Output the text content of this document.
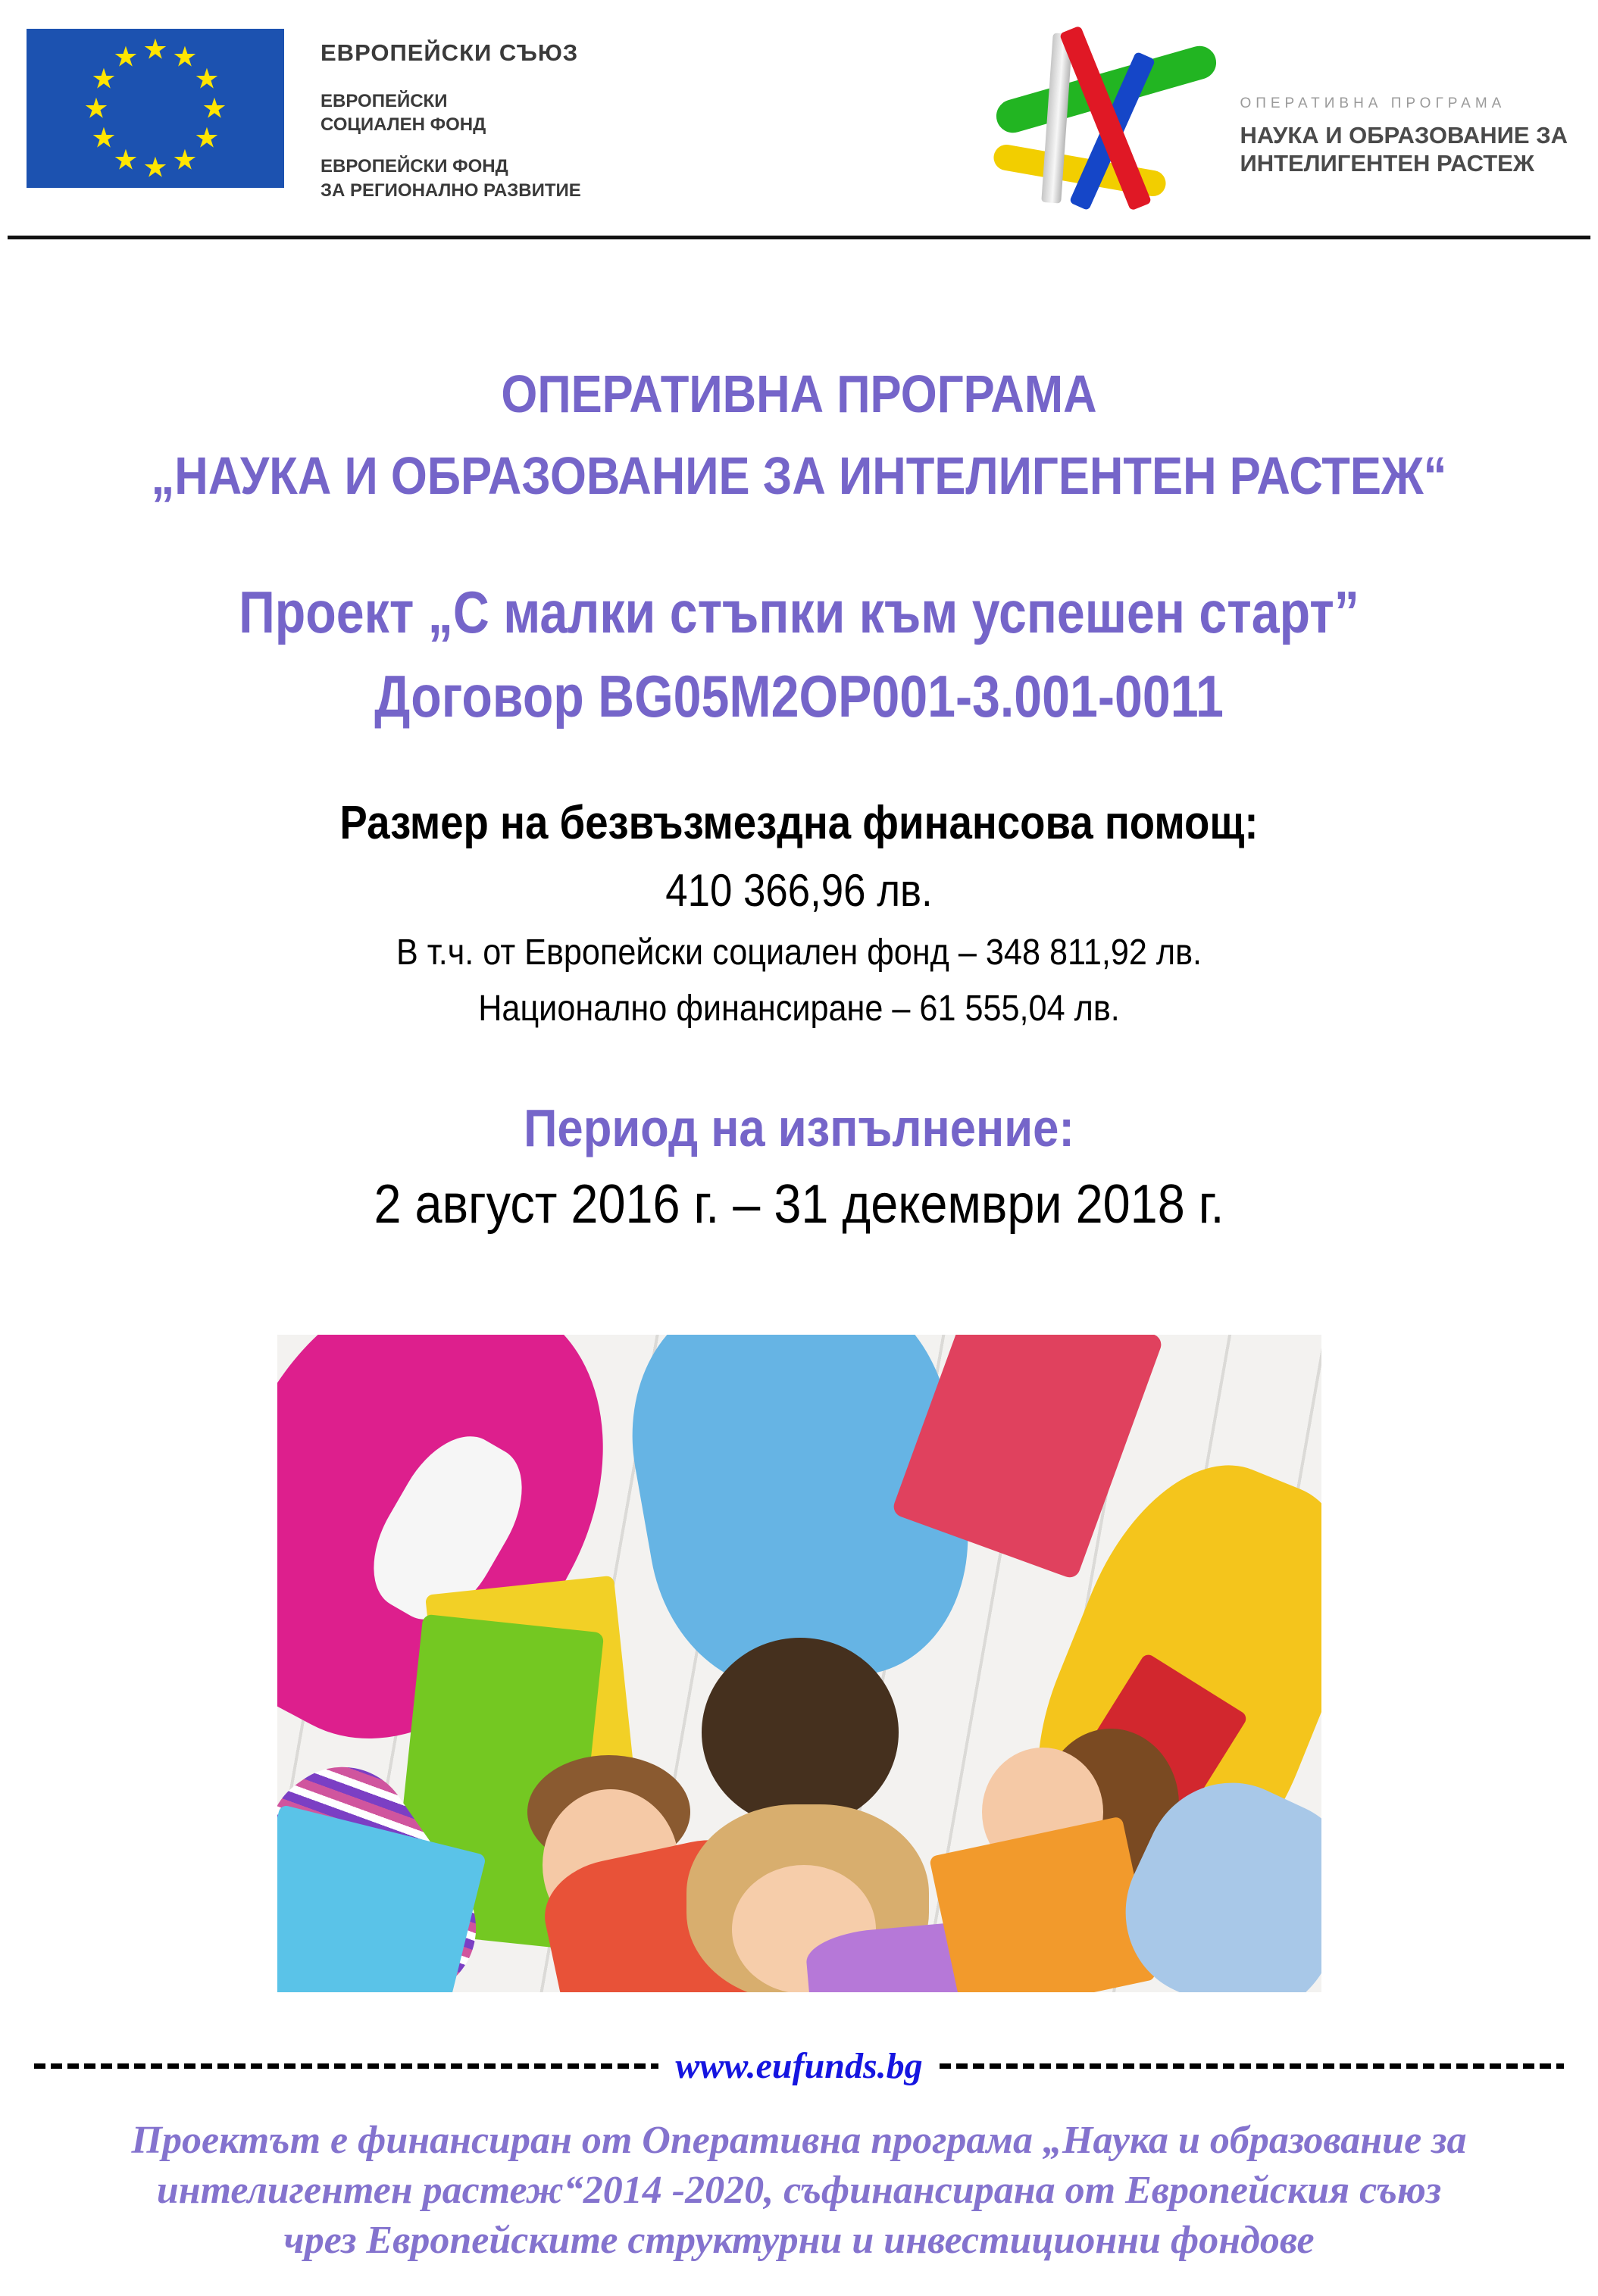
★ ★
★
★
★
★
★
★
★
★
★
★	ЕВРОПЕЙСКИ СЪЮЗ
ЕВРОПЕЙСКИ
СОЦИАЛЕН ФОНД
ЕВРОПЕЙСКИ ФОНД
ЗА РЕГИОНАЛНО РАЗВИТИЕ
ОПЕРАТИВНА ПРОГРАМА
НАУКА И ОБРАЗОВАНИЕ ЗА
ИНТЕЛИГЕНТЕН РАСТЕЖ
ОПЕРАТИВНА ПРОГРАМА
„НАУКА И ОБРАЗОВАНИЕ ЗА ИНТЕЛИГЕНТЕН РАСТЕЖ“
Проект „С малки стъпки към успешен старт”
Договор BG05M2OP001-3.001-0011
Размер на безвъзмездна финансова помощ:
410 366,96 лв.
В т.ч. от Европейски социален фонд – 348 811,92 лв.
Национално финансиране – 61 555,04 лв.
Период на изпълнение:
2 август 2016 г. – 31 декември 2018 г.
www.eufunds.bg
Проектът е финансиран от Оперативна програма „Наука и образование за
интелигентен растеж“2014 -2020, съфинансирана от Европейския съюз
чрез Европейските структурни и инвестиционни фондове
